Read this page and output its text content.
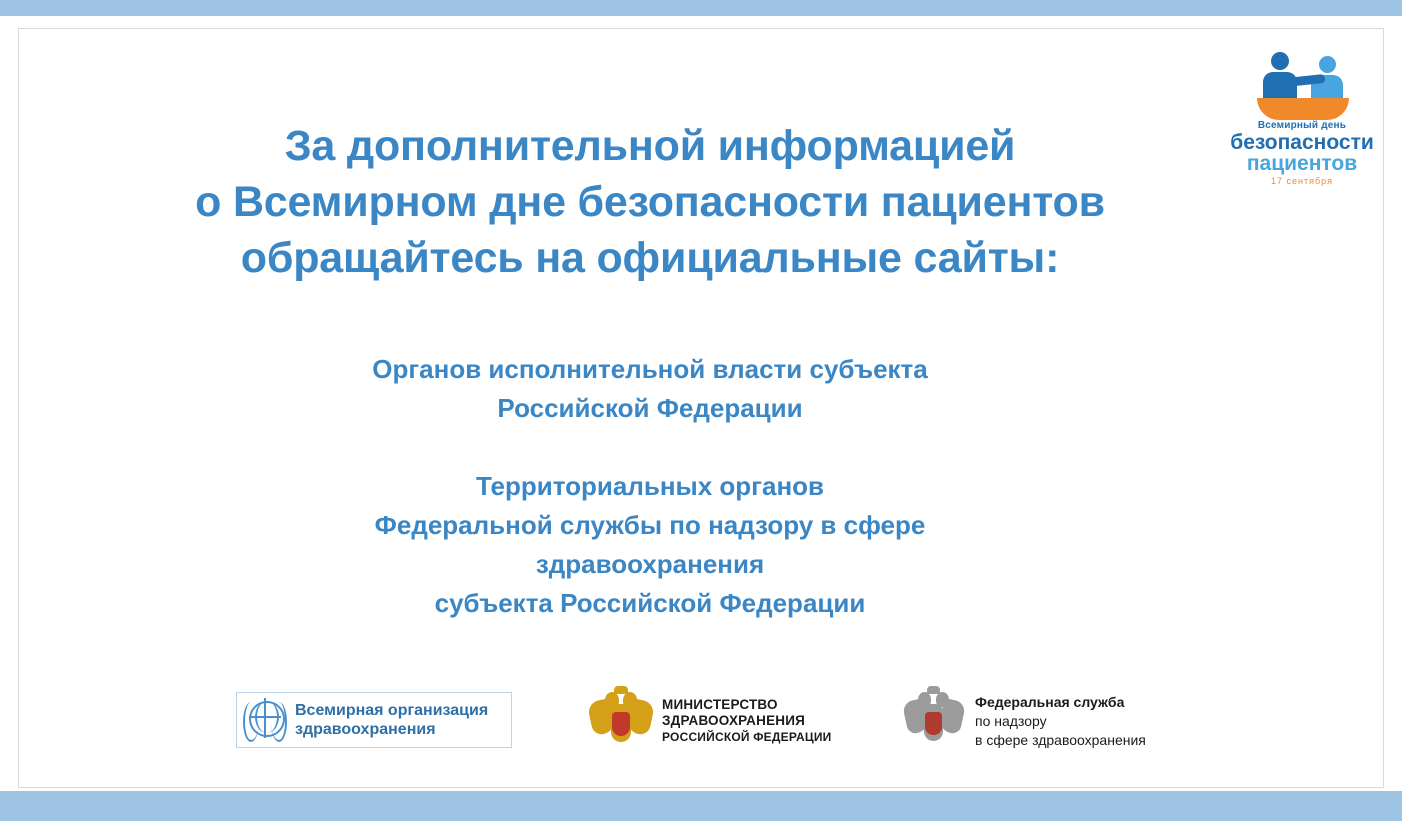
Всемирный день
безопасности
пациентов
17 сентября
За дополнительной информацией
о Всемирном дне безопасности пациентов
обращайтесь на официальные сайты:
Органов исполнительной власти субъекта
Российской Федерации
Территориальных органов
Федеральной службы по надзору в сфере
здравоохранения
субъекта Российской Федерации
Всемирная организация
здравоохранения
МИНИСТЕРСТВО
ЗДРАВООХРАНЕНИЯ
РОССИЙСКОЙ ФЕДЕРАЦИИ
Федеральная служба
по надзору
в сфере здравоохранения
